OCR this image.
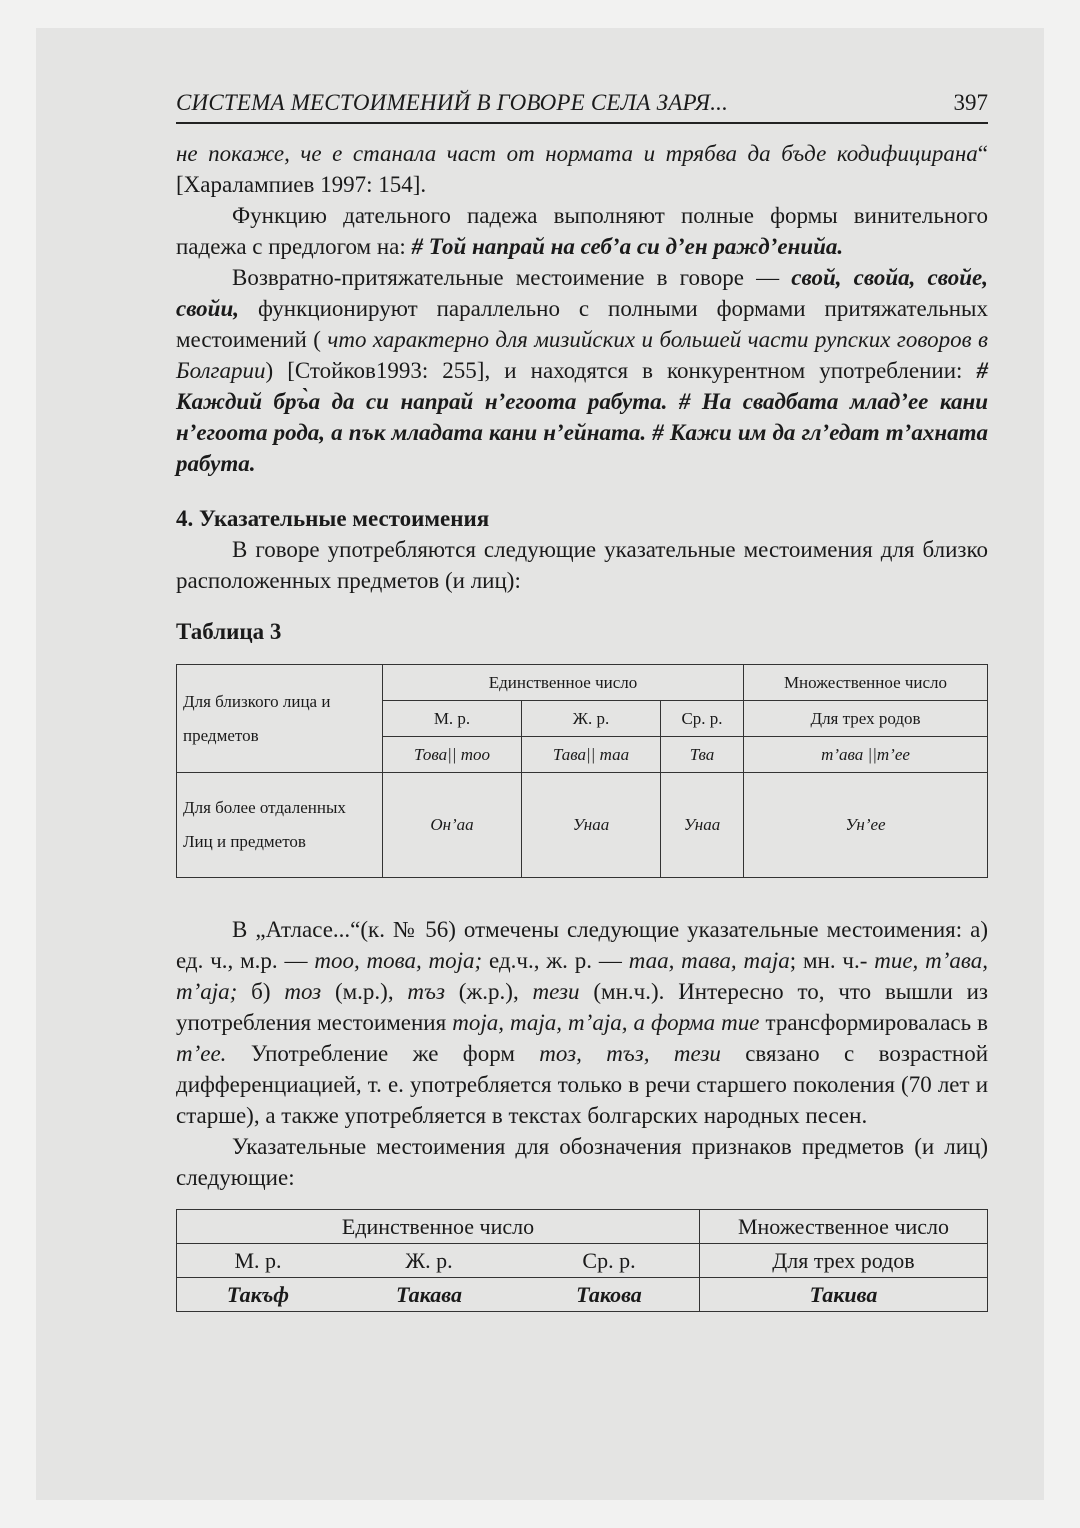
СИСТЕМА МЕСТОИМЕНИЙ В ГОВОРЕ СЕЛА ЗАРЯ...	397

не покаже, че е станала част от нормата и трябва да бъде кодифицирана“ [Харалампиев 1997: 154].

Функцию дательного падежа выполняют полные формы винительного падежа с предлогом на: # Той напрай на себ’а си д’ен ражд’енийа.

Возвратно-притяжательные местоимение в говоре — свой, свойа, свойе, свойи, функционируют параллельно с полными формами притяжательных местоимений ( что характерно для мизийских и большей части рупских говоров в Болгарии) [Стойков1993: 255], и находятся в конкурентном употреблении: # Каждий бръ̀а да си напрай н’егоота рабута. # На свадбата млад’ее кани н’егоота рода, а пък младата кани н’ейната. # Кажи им да гл’едат т’ахната рабута.

4. Указательные местоимения

В говоре употребляются следующие указательные местоимения для близко расположенных предметов (и лиц):

Таблица 3
Для близкого лица и предметов	Единственное число			Множественное число
	М. р.	Ж. р.	Ср. р.	Для трех родов
	Това|| тоо	Тава|| таа	Тва	т’ава ||т’ее
Для более отдаленных Лиц и предметов	Он’аа	Унаа	Унаа	Ун’ее

В „Атласе...“(к. № 56) отмечены следующие указательные местоимения: а) ед. ч., м.р. — тоо, това, тоја; ед.ч., ж. р. — таа, тава, таја; мн. ч.- тие, т’ава, т’аја; б) тоз (м.р.), тъз (ж.р.), тези (мн.ч.). Интересно то, что вышли из употребления местоимения тоја, таја, т’аја, а форма тие трансформировалась в т’ее. Употребление же форм тоз, тъз, тези связано с возрастной дифференциацией, т. е. употребляется только в речи старшего поколения (70 лет и старше), а также употребляется в текстах болгарских народных песен.

Указательные местоимения для обозначения признаков предметов (и лиц) следующие:

Единственное число			Множественное число
М. р.	Ж. р.	Ср. р.	Для трех родов
Такъф	Такава	Такова	Такива
